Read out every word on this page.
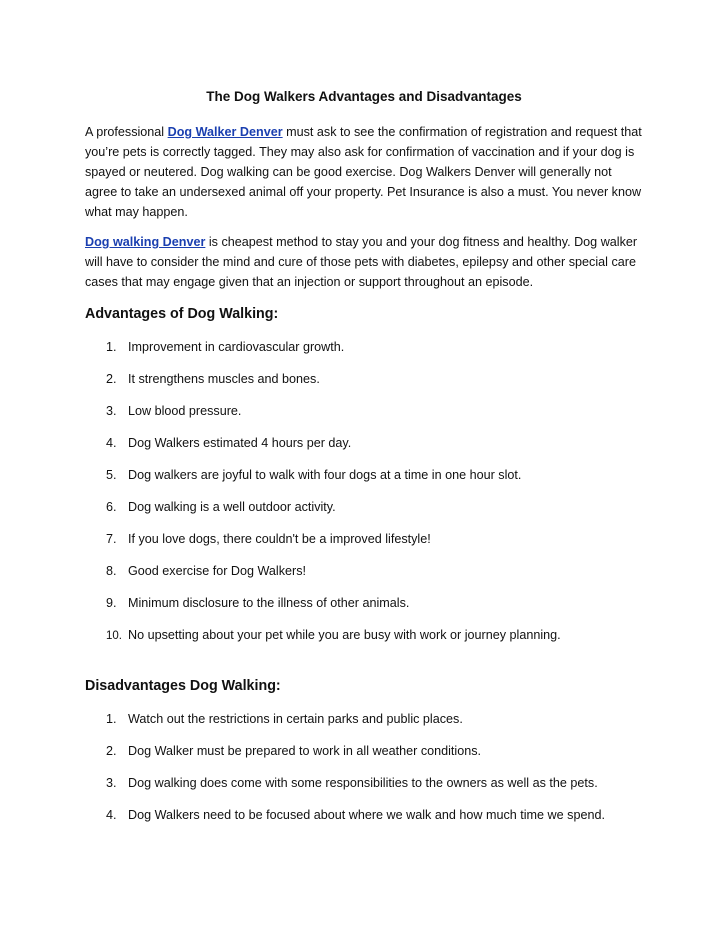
The Dog Walkers Advantages and Disadvantages

A professional Dog Walker Denver must ask to see the confirmation of registration and request that you’re pets is correctly tagged. They may also ask for confirmation of vaccination and if your dog is spayed or neutered. Dog walking can be good exercise. Dog Walkers Denver will generally not agree to take an undersexed animal off your property. Pet Insurance is also a must. You never know what may happen.

Dog walking Denver is cheapest method to stay you and your dog fitness and healthy. Dog walker will have to consider the mind and cure of those pets with diabetes, epilepsy and other special care cases that may engage given that an injection or support throughout an episode.

Advantages of Dog Walking:
1. Improvement in cardiovascular growth.
2. It strengthens muscles and bones.
3. Low blood pressure.
4. Dog Walkers estimated 4 hours per day.
5. Dog walkers are joyful to walk with four dogs at a time in one hour slot.
6. Dog walking is a well outdoor activity.
7. If you love dogs, there couldn't be a improved lifestyle!
8. Good exercise for Dog Walkers!
9. Minimum disclosure to the illness of other animals.
10. No upsetting about your pet while you are busy with work or journey planning.
Disadvantages Dog Walking:
1. Watch out the restrictions in certain parks and public places.
2. Dog Walker must be prepared to work in all weather conditions.
3. Dog walking does come with some responsibilities to the owners as well as the pets.
4. Dog Walkers need to be focused about where we walk and how much time we spend.
